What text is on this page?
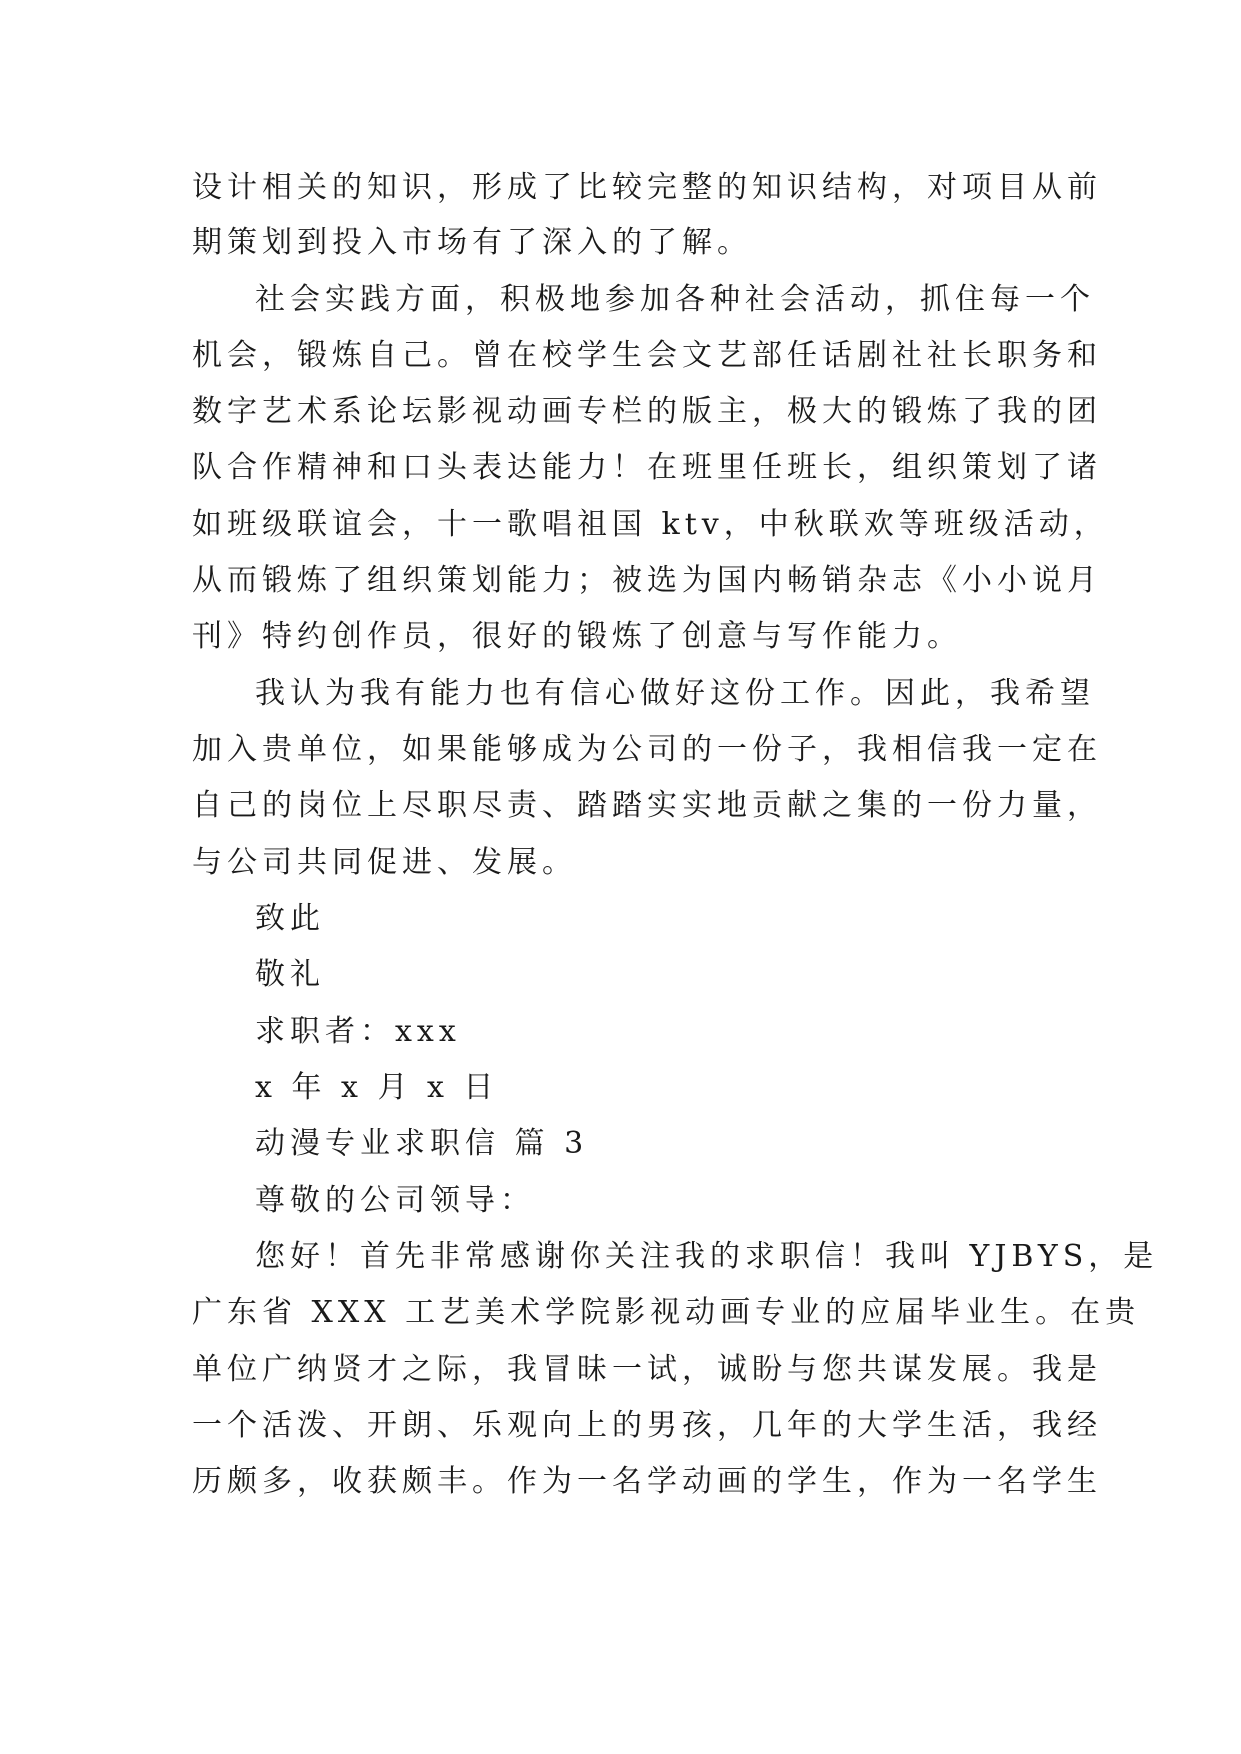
设计相关的知识，形成了比较完整的知识结构，对项目从前
期策划到投入市场有了深入的了解。
社会实践方面，积极地参加各种社会活动，抓住每一个
机会，锻炼自己。曾在校学生会文艺部任话剧社社长职务和
数字艺术系论坛影视动画专栏的版主，极大的锻炼了我的团
队合作精神和口头表达能力！在班里任班长，组织策划了诸
如班级联谊会，十一歌唱祖国 ktv，中秋联欢等班级活动，
从而锻炼了组织策划能力；被选为国内畅销杂志《小小说月
刊》特约创作员，很好的锻炼了创意与写作能力。
我认为我有能力也有信心做好这份工作。因此，我希望
加入贵单位，如果能够成为公司的一份子，我相信我一定在
自己的岗位上尽职尽责、踏踏实实地贡献之集的一份力量，
与公司共同促进、发展。
致此
敬礼
求职者：xxx
x 年 x 月 x 日
动漫专业求职信 篇 3
尊敬的公司领导：
您好！首先非常感谢你关注我的求职信！我叫 YJBYS，是
广东省 XXX 工艺美术学院影视动画专业的应届毕业生。在贵
单位广纳贤才之际，我冒昧一试，诚盼与您共谋发展。我是
一个活泼、开朗、乐观向上的男孩，几年的大学生活，我经
历颇多，收获颇丰。作为一名学动画的学生，作为一名学生
